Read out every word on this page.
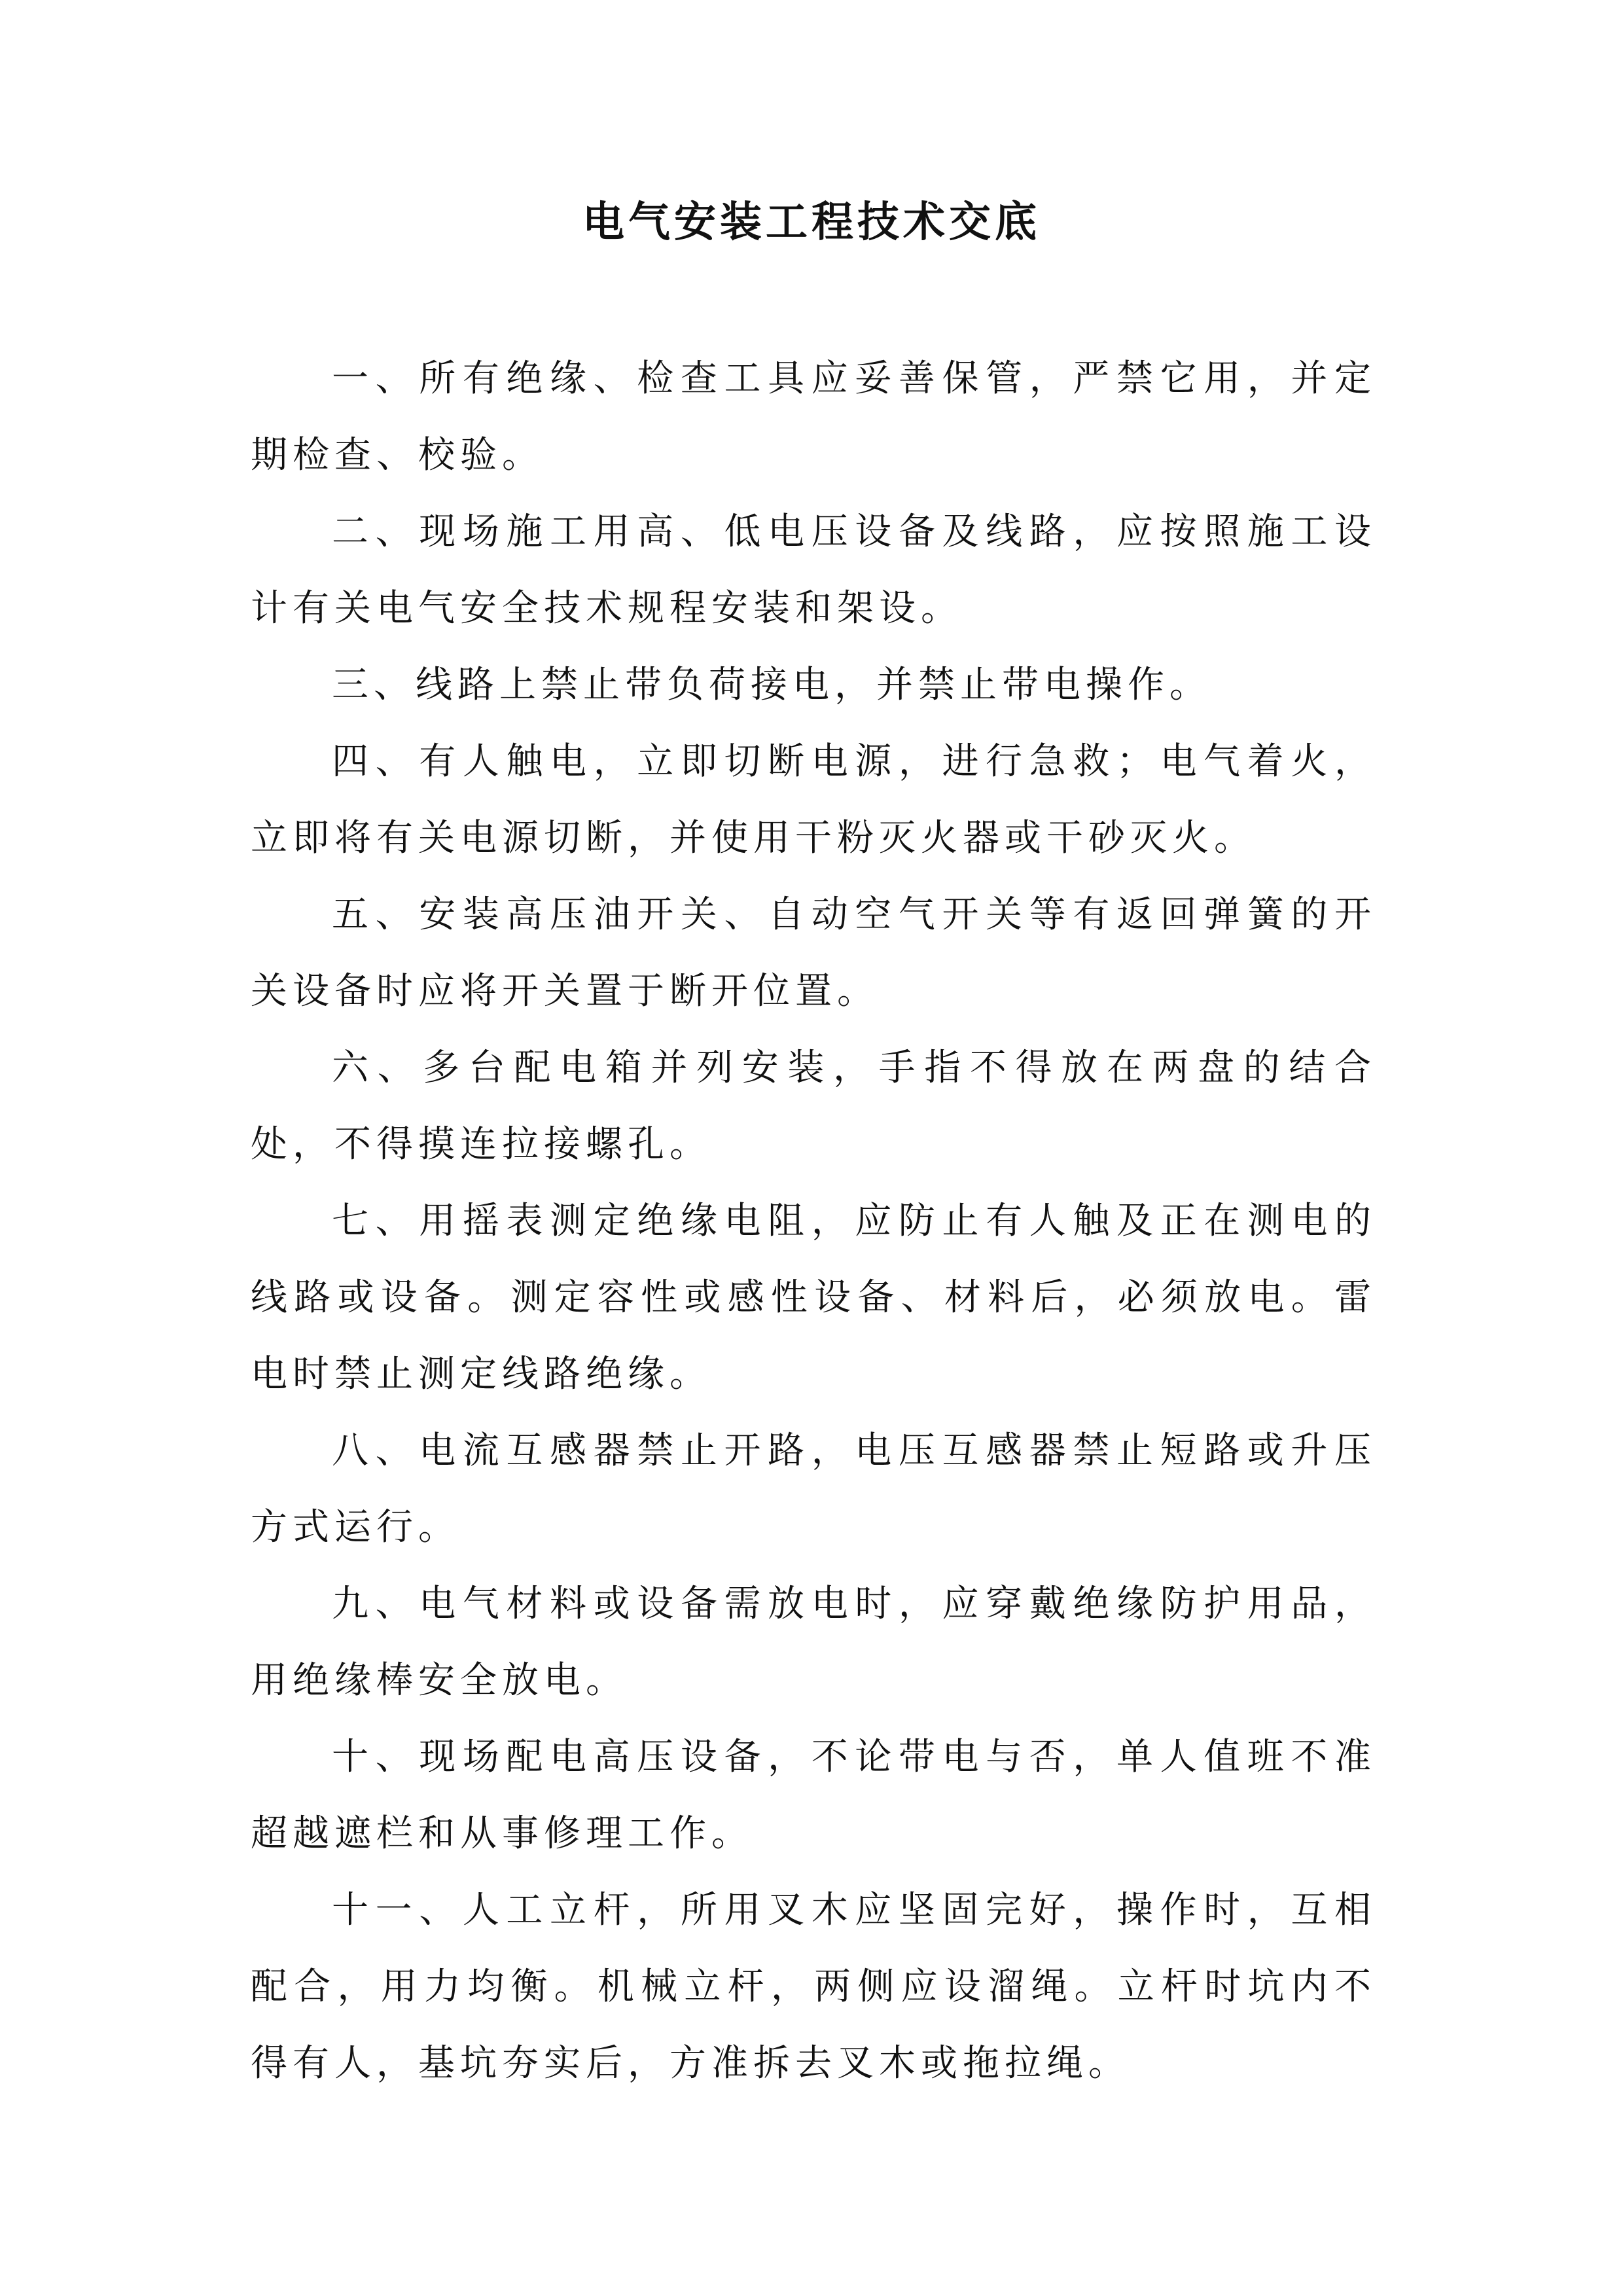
电气安装工程技术交底

一、所有绝缘、检查工具应妥善保管，严禁它用，并定期检查、校验。

二、现场施工用高、低电压设备及线路，应按照施工设计有关电气安全技术规程安装和架设。

三、线路上禁止带负荷接电，并禁止带电操作。

四、有人触电，立即切断电源，进行急救；电气着火，立即将有关电源切断，并使用干粉灭火器或干砂灭火。

五、安装高压油开关、自动空气开关等有返回弹簧的开关设备时应将开关置于断开位置。

六、多台配电箱并列安装，手指不得放在两盘的结合处，不得摸连拉接螺孔。

七、用摇表测定绝缘电阻，应防止有人触及正在测电的线路或设备。测定容性或感性设备、材料后，必须放电。雷电时禁止测定线路绝缘。

八、电流互感器禁止开路，电压互感器禁止短路或升压方式运行。

九、电气材料或设备需放电时，应穿戴绝缘防护用品，用绝缘棒安全放电。

十、现场配电高压设备，不论带电与否，单人值班不准超越遮栏和从事修理工作。

十一、人工立杆，所用叉木应坚固完好，操作时，互相配合，用力均衡。机械立杆，两侧应设溜绳。立杆时坑内不得有人，基坑夯实后，方准拆去叉木或拖拉绳。
